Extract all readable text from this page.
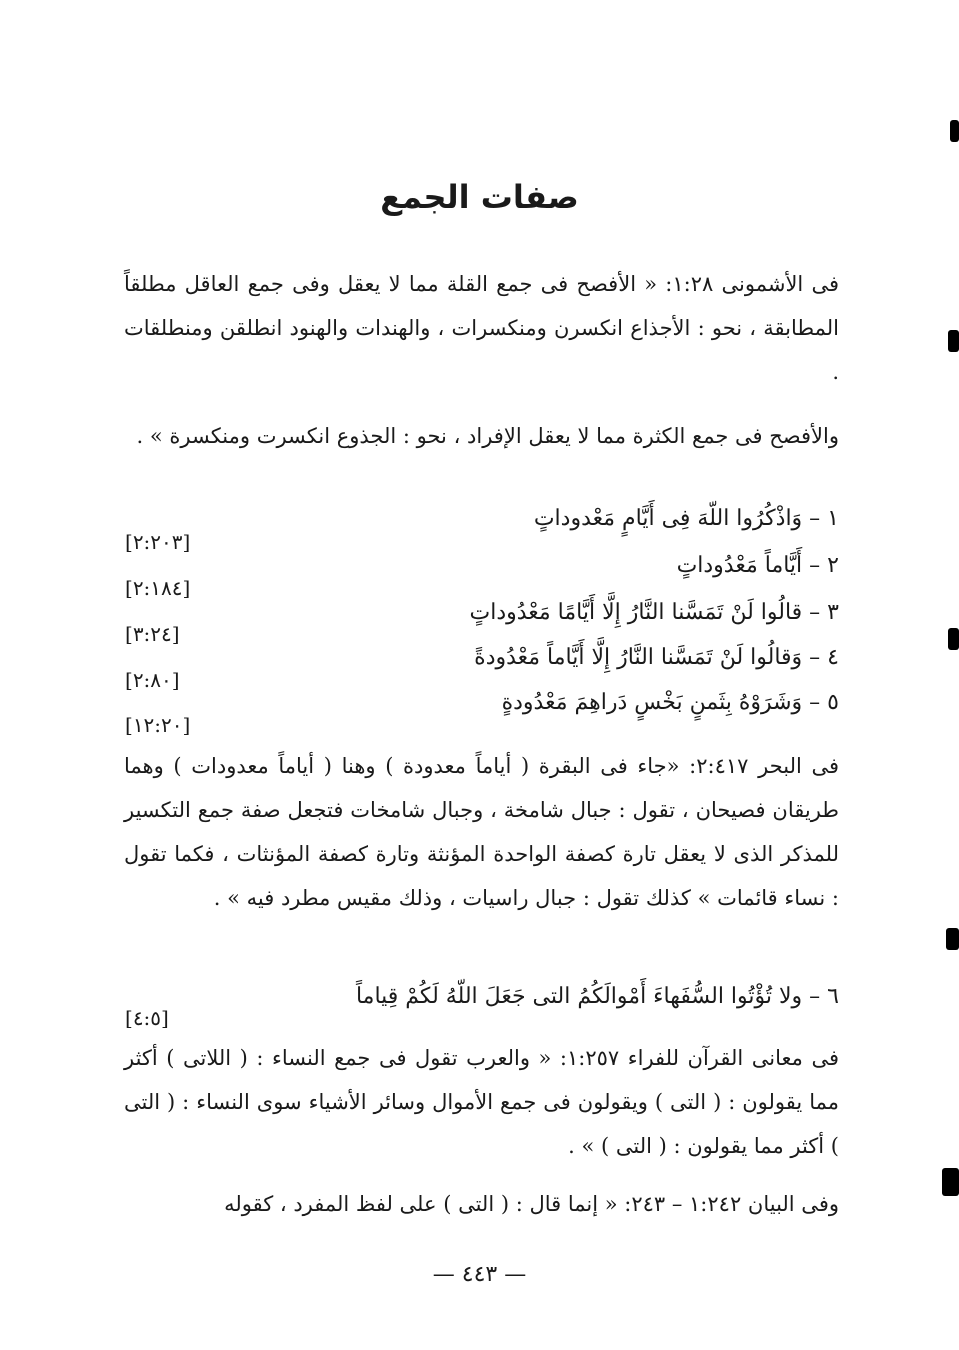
صفات الجمع

فى الأشمونى ١:٢٨: « الأفصح فى جمع القلة مما لا يعقل وفى جمع العاقل مطلقاً المطابقة ، نحو : الأجذاع انكسرن ومنكسرات ، والهندات والهنود انطلقن ومنطلقات .

والأفصح فى جمع الكثرة مما لا يعقل الإفراد ، نحو : الجذوع انكسرت ومنكسرة » .

١ – وَاذْكُرُوا اللّهَ فِى أَيَّامٍ مَعْدوداتٍ
[٢:٢٠٣]
٢ – أَيَّاماً مَعْدُوداتٍ
[٢:١٨٤]
٣ – قالُوا لَنْ تَمَسَّنا النَّارُ إِلَّا أَيَّامًا مَعْدُوداتٍ
[٣:٢٤]
٤ – وَقالُوا لَنْ تَمَسَّنا النَّارُ إِلَّا أَيَّاماً مَعْدُودةً
[٢:٨٠]
٥ – وَشَرَوْهُ بِثَمنٍ بَخْسٍ دَراهِمَ مَعْدُودةٍ
[١٢:٢٠]

فى البحر ٢:٤١٧: «جاء فى البقرة ( أياماً معدودة ) وهنا ( أياماً معدودات ) وهما طريقان فصيحان ، تقول : جبال شامخة ، وجبال شامخات فتجعل صفة جمع التكسير للمذكر الذى لا يعقل تارة كصفة الواحدة المؤنثة وتارة كصفة المؤنثات ، فكما تقول : نساء قائمات » كذلك تقول : جبال راسيات ، وذلك مقيس مطرد فيه » .

٦ – ولا تُؤْتُوا السُّفَهاءَ أَمْوالَكُمُ التى جَعَلَ اللّهُ لَكُمْ قِياماً
[٤:٥]

فى معانى القرآن للفراء ١:٢٥٧: « والعرب تقول فى جمع النساء : ( اللاتى ) أكثر مما يقولون : ( التى ) ويقولون فى جمع الأموال وسائر الأشياء سوى النساء : ( التى ) أكثر مما يقولون : ( التى ) » .

وفى البيان ١:٢٤٢ – ٢٤٣: « إنما قال : ( التى ) على لفظ المفرد ، كقوله

— ٤٤٣ —
